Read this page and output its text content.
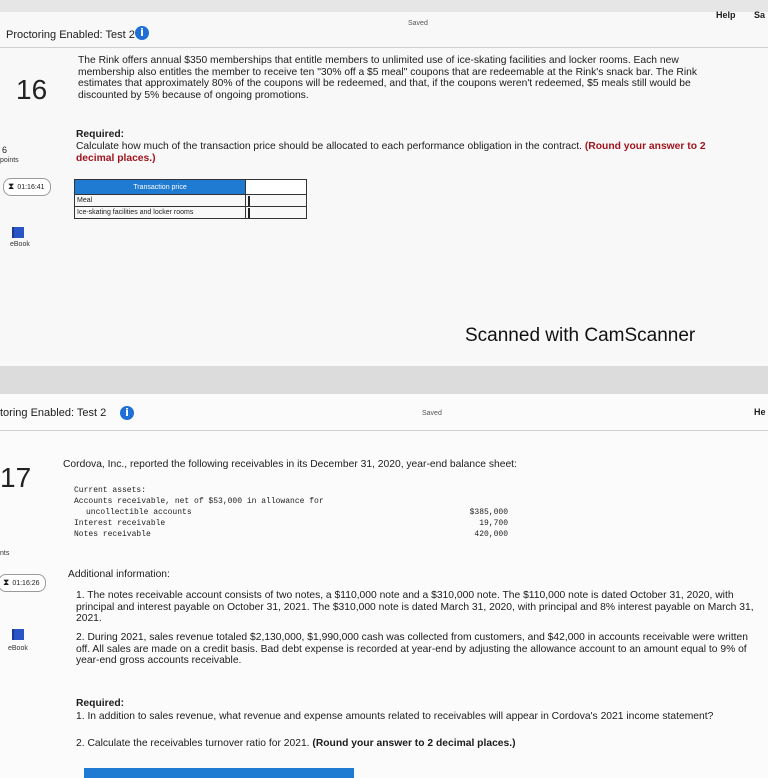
Saved
Help Sa
Proctoring Enabled: Test 2 i
16
6
points
⧗ 01:16:41
eBook
The Rink offers annual $350 memberships that entitle members to unlimited use of ice-skating facilities and locker rooms. Each new membership also entitles the member to receive ten "30% off a $5 meal" coupons that are redeemable at the Rink's snack bar. The Rink estimates that approximately 80% of the coupons will be redeemed, and that, if the coupons weren't redeemed, $5 meals still would be discounted by 5% because of ongoing promotions.
Required:
Calculate how much of the transaction price should be allocated to each performance obligation in the contract. (Round your answer to 2 decimal places.)
Transaction price	
Meal	

Ice-skating facilities and locker rooms	
Scanned with CamScanner
toring Enabled: Test 2	i	Saved	He
17
nts
⧗ 01:16:26
eBook
Cordova, Inc., reported the following receivables in its December 31, 2020, year-end balance sheet:
Current assets:
Accounts receivable, net of $53,000 in allowance for
uncollectible accounts	$385,000
Interest receivable	19,700
Notes receivable	420,000
Additional information:
1. The notes receivable account consists of two notes, a $110,000 note and a $310,000 note. The $110,000 note is dated October 31, 2020, with principal and interest payable on October 31, 2021. The $310,000 note is dated March 31, 2020, with principal and 8% interest payable on March 31, 2021.
2. During 2021, sales revenue totaled $2,130,000, $1,990,000 cash was collected from customers, and $42,000 in accounts receivable were written off. All sales are made on a credit basis. Bad debt expense is recorded at year-end by adjusting the allowance account to an amount equal to 9% of year-end gross accounts receivable.
Required:
1. In addition to sales revenue, what revenue and expense amounts related to receivables will appear in Cordova's 2021 income statement?
2. Calculate the receivables turnover ratio for 2021. (Round your answer to 2 decimal places.)
